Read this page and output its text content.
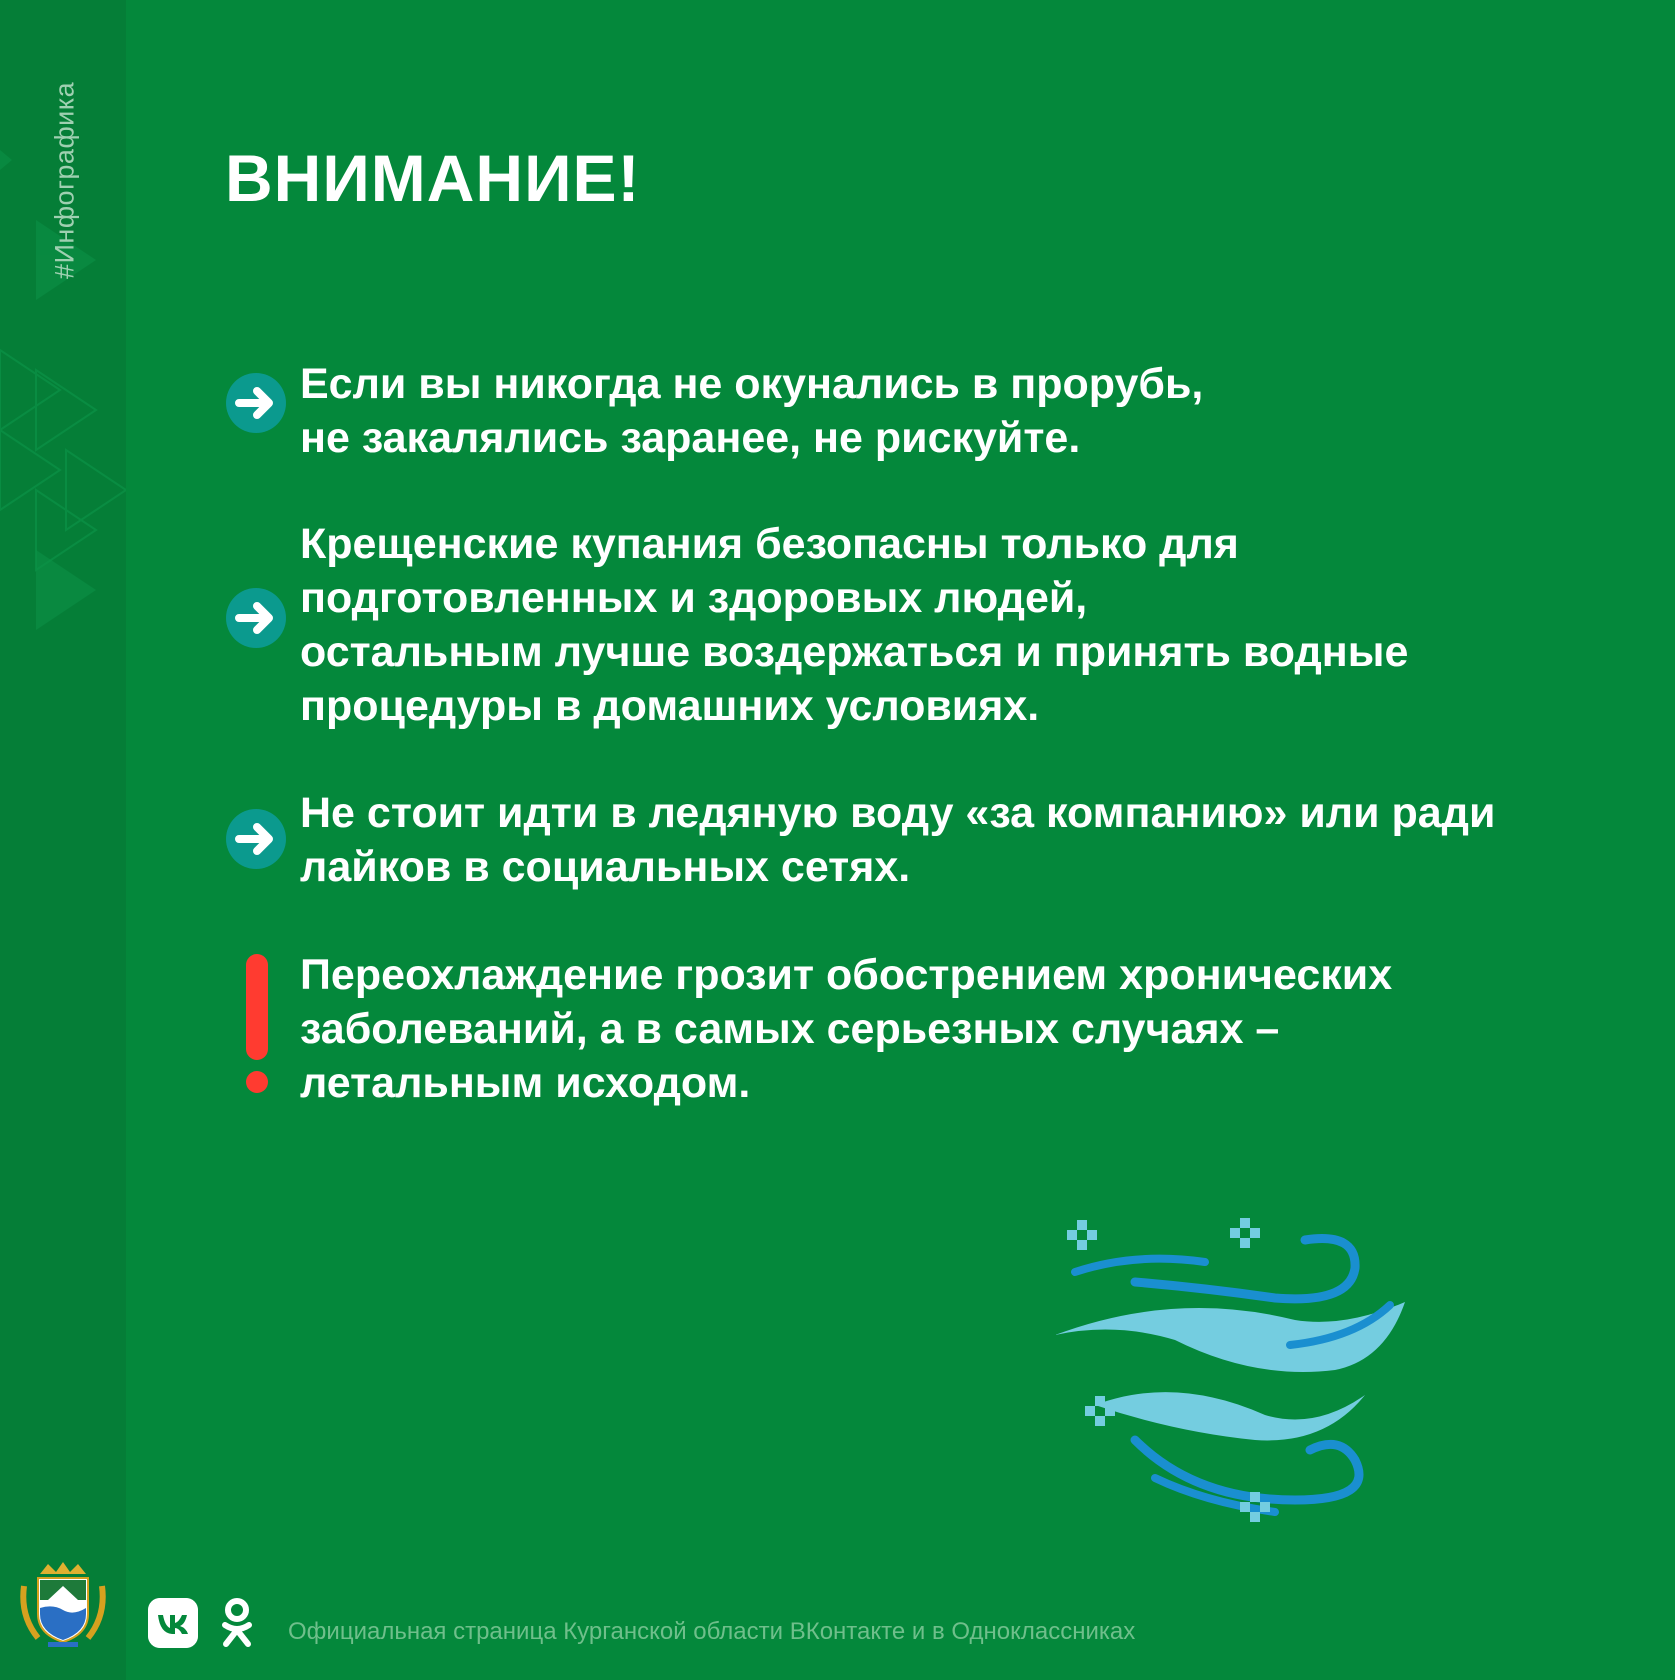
#Инфографика ВНИМАНИЕ!
Если вы никогда не окунались в прорубь,
не закалялись заранее, не рискуйте.
Крещенские купания безопасны только для
подготовленных и здоровых людей,
остальным лучше воздержаться и принять водные
процедуры в домашних условиях.
Не стоит идти в ледяную воду «за компанию» или ради
лайков в социальных сетях.
Переохлаждение грозит обострением хронических
заболеваний, а в самых серьезных случаях –
летальным исходом.
Официальная страница Курганской области ВКонтакте и в Одноклассниках
